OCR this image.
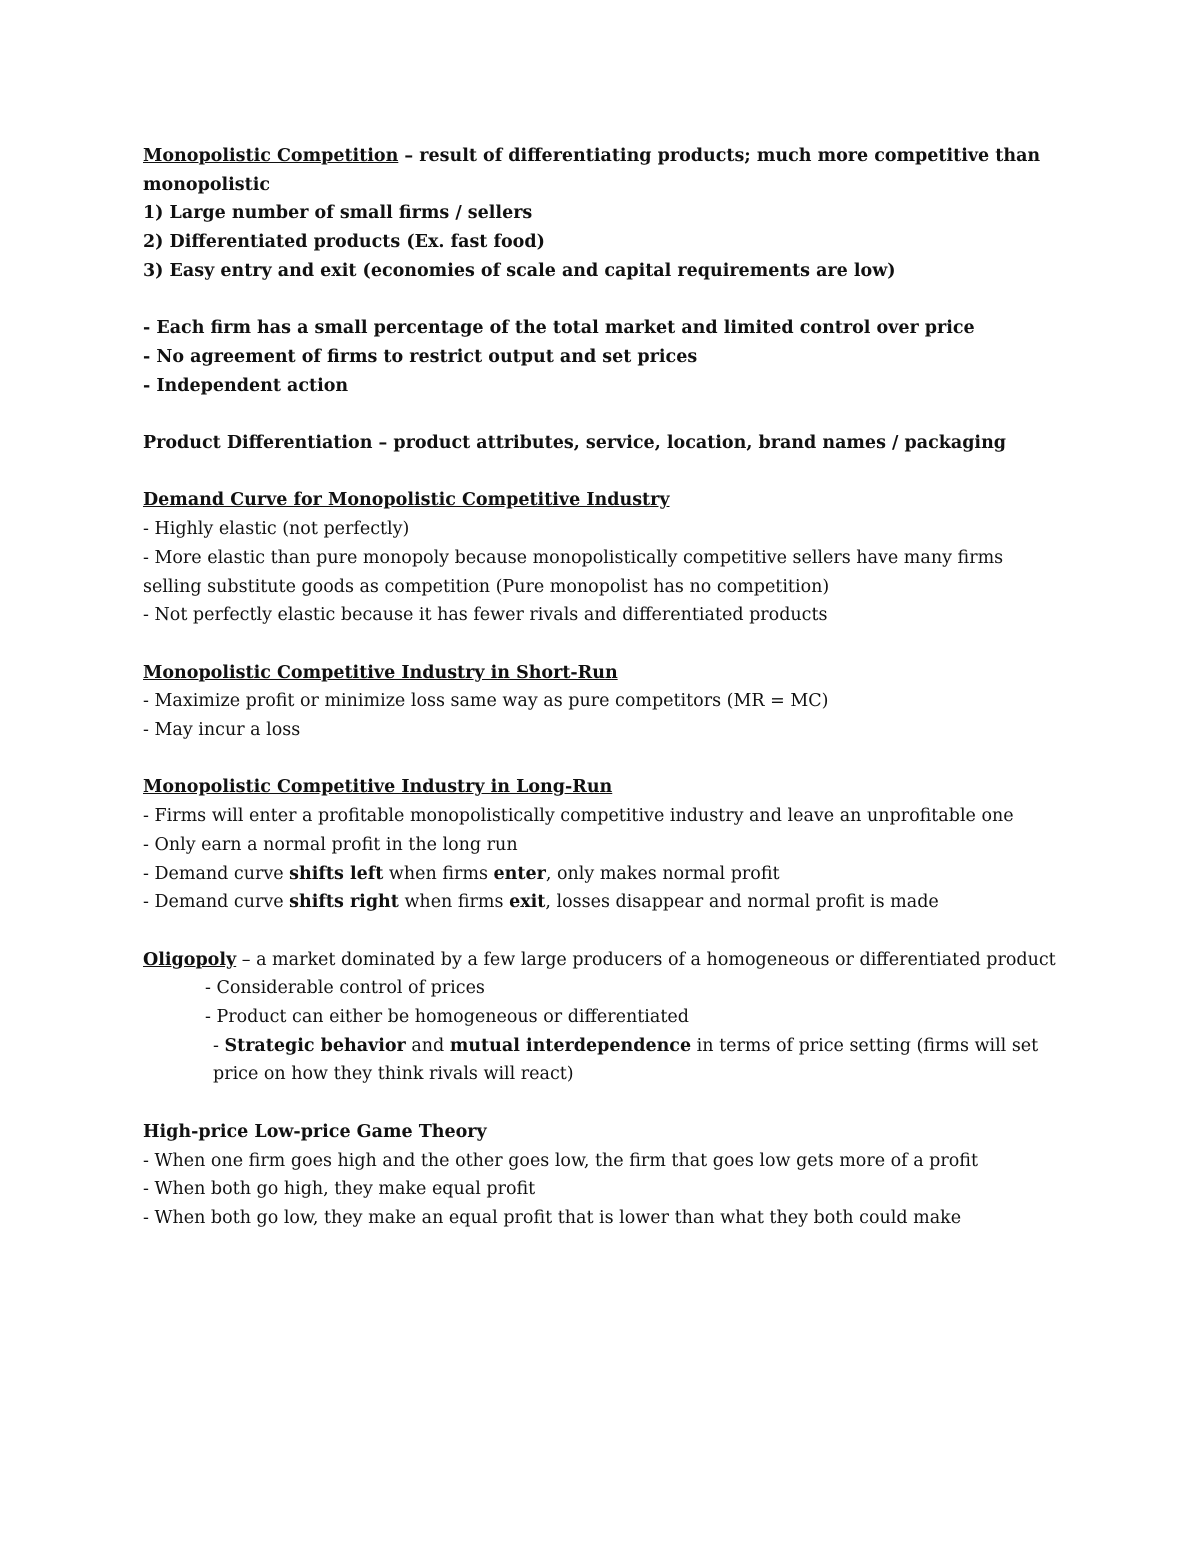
Monopolistic Competition – result of differentiating products; much more competitive than monopolistic

1) Large number of small firms / sellers

2) Differentiated products (Ex. fast food)

3) Easy entry and exit (economies of scale and capital requirements are low)

- Each firm has a small percentage of the total market and limited control over price

- No agreement of firms to restrict output and set prices

- Independent action

Product Differentiation – product attributes, service, location, brand names / packaging

Demand Curve for Monopolistic Competitive Industry

- Highly elastic (not perfectly)

- More elastic than pure monopoly because monopolistically competitive sellers have many firms selling substitute goods as competition (Pure monopolist has no competition)

- Not perfectly elastic because it has fewer rivals and differentiated products

Monopolistic Competitive Industry in Short-Run

- Maximize profit or minimize loss same way as pure competitors (MR = MC)

- May incur a loss

Monopolistic Competitive Industry in Long-Run

- Firms will enter a profitable monopolistically competitive industry and leave an unprofitable one

- Only earn a normal profit in the long run

- Demand curve shifts left when firms enter, only makes normal profit

- Demand curve shifts right when firms exit, losses disappear and normal profit is made

Oligopoly – a market dominated by a few large producers of a homogeneous or differentiated product

- Considerable control of prices

- Product can either be homogeneous or differentiated

- Strategic behavior and mutual interdependence in terms of price setting (firms will set price on how they think rivals will react)

High-price Low-price Game Theory

- When one firm goes high and the other goes low, the firm that goes low gets more of a profit

- When both go high, they make equal profit

- When both go low, they make an equal profit that is lower than what they both could make
